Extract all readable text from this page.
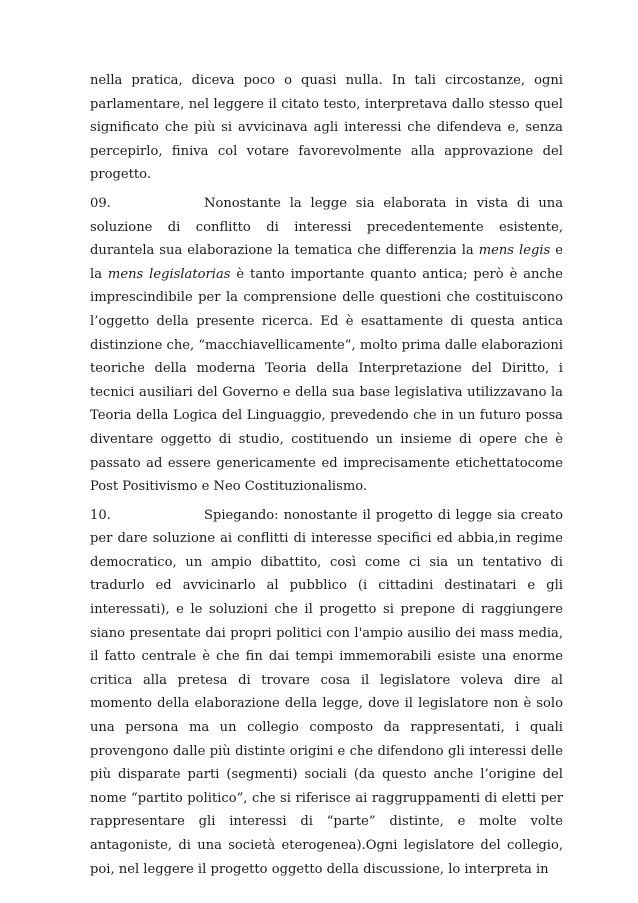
nella pratica, diceva poco o quasi nulla. In tali circostanze, ogni parlamentare, nel leggere il citato testo, interpretava dallo stesso quel significato che più si avvicinava agli interessi che difendeva e, senza percepirlo, finiva col votare favorevolmente alla approvazione del progetto.

09.	Nonostante la legge sia elaborata in vista di una soluzione di conflitto di interessi precedentemente esistente, durantela sua elaborazione la tematica che differenzia la mens legis e la mens legislatorias è tanto importante quanto antica; però è anche imprescindibile per la comprensione delle questioni che costituiscono l’oggetto della presente ricerca. Ed è esattamente di questa antica distinzione che, “macchiavellicamente”, molto prima dalle elaborazioni teoriche della moderna Teoria della Interpretazione del Diritto, i tecnici ausiliari del Governo e della sua base legislativa utilizzavano la Teoria della Logica del Linguaggio, prevedendo che in un futuro possa diventare oggetto di studio, costituendo un insieme di opere che è passato ad essere genericamente ed imprecisamente etichettatocome Post Positivismo e Neo Costituzionalismo.

10.	Spiegando: nonostante il progetto di legge sia creato per dare soluzione ai conflitti di interesse specifici ed abbia,in regime democratico, un ampio dibattito, così come ci sia un tentativo di tradurlo ed avvicinarlo al pubblico (i cittadini destinatari e gli interessati), e le soluzioni che il progetto si prepone di raggiungere siano presentate dai propri politici con l'ampio ausilio dei mass media, il fatto centrale è che fin dai tempi immemorabili esiste una enorme critica alla pretesa di trovare cosa il legislatore voleva dire al momento della elaborazione della legge, dove il legislatore non è solo una persona ma un collegio composto da rappresentati, i quali provengono dalle più distinte origini e che difendono gli interessi delle più disparate parti (segmenti) sociali (da questo anche l’origine del nome “partito politico”, che si riferisce ai raggruppamenti di eletti per rappresentare gli interessi di “parte” distinte, e molte volte antagoniste, di una società eterogenea).Ogni legislatore del collegio, poi, nel leggere il progetto oggetto della discussione, lo interpreta in
